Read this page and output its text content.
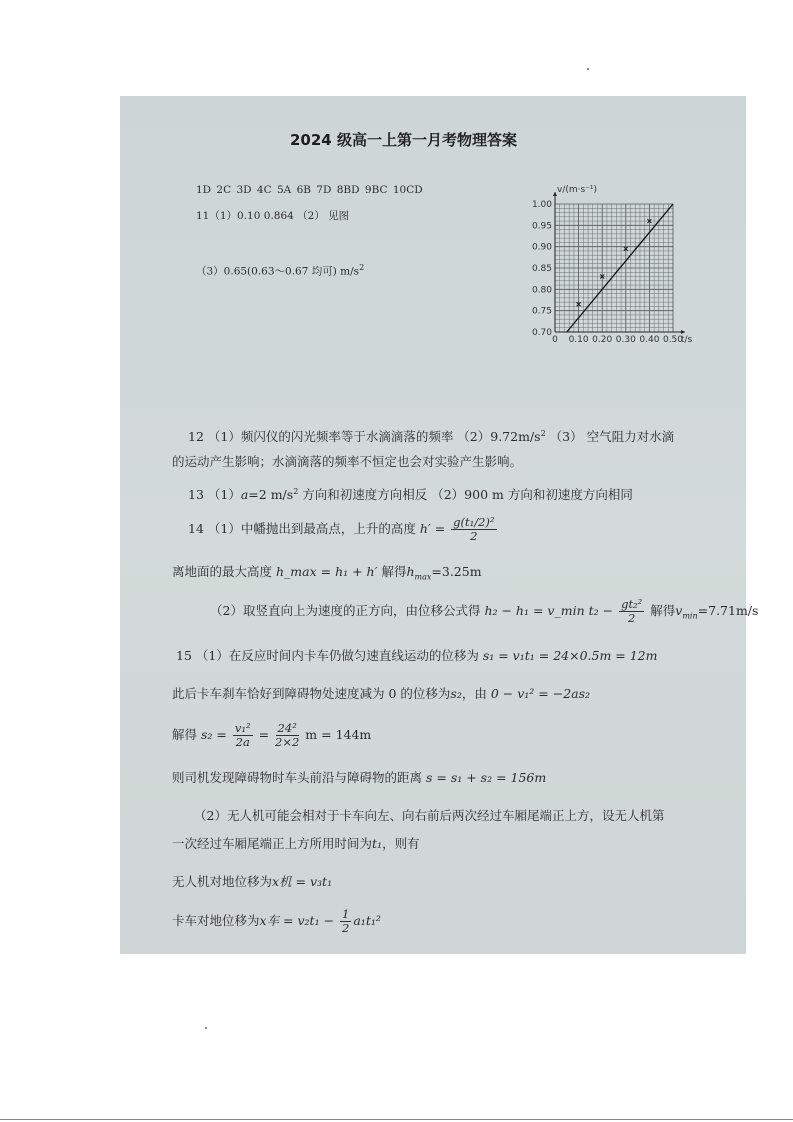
2024 级高一上第一月考物理答案
1D 2C 3D 4C 5A 6B 7D 8BD 9BC 10CD
11（1）0.10 0.864 （2） 见图
（3）0.65(0.63～0.67 均可) $m/s^2$
v/(m·s⁻¹)
t/s
0 0.10 0.20 0.30 0.40 0.50
0.70
0.75
0.80
0.85
0.90
0.95
1.00
12 （1）频闪仪的闪光频率等于水滴滴落的频率 $(2)9.72m/s^2$ （3） 空气阻力对水滴
的运动产生影响；水滴滴落的频率不恒定也会对实验产生影响。
13 （1）a=2 $m/s^2$ 方向和初速度方向相反 （2）900 m 方向和初速度方向相同
14 （1）中幡抛出到最高点，上升的高度 $h' = \frac{\text{g(t₁/2)²}}{2}$
离地面的最大高度 h_max = h₁ + h′ 解得$h_{max}=3.25m$
（2）取竖直向上为速度的正方向，由位移公式得 h₂ − h₁ = v_min $t_2 - \frac{\text{gt₂²}}{2}$ 解得$v_{min}=7.71m/s$
15 （1）在反应时间内卡车仍做匀速直线运动的位移为 s₁ = v₁t₁ = 24×0.5m = 12m
此后卡车刹车恰好到障碍物处速度减为 0 的位移为s₂，由 0 − v₁² = −2as₂
解得 $s_2 = \frac{\text{v₁²}}{2a} = \frac{\text{24²}}{2\times 2}$ m = 144m
则司机发现障碍物时车头前沿与障碍物的距离 s = s₁ + s₂ = 156m
（2）无人机可能会相对于卡车向左、向右前后两次经过车厢尾端正上方，设无人机第
一次经过车厢尾端正上方所用时间为t₁，则有
无人机对地位移为x机 = v₃t₁
卡车对地位移为x车 = $v_2t_1 - \frac{1}{2} a_1t_1^2$
